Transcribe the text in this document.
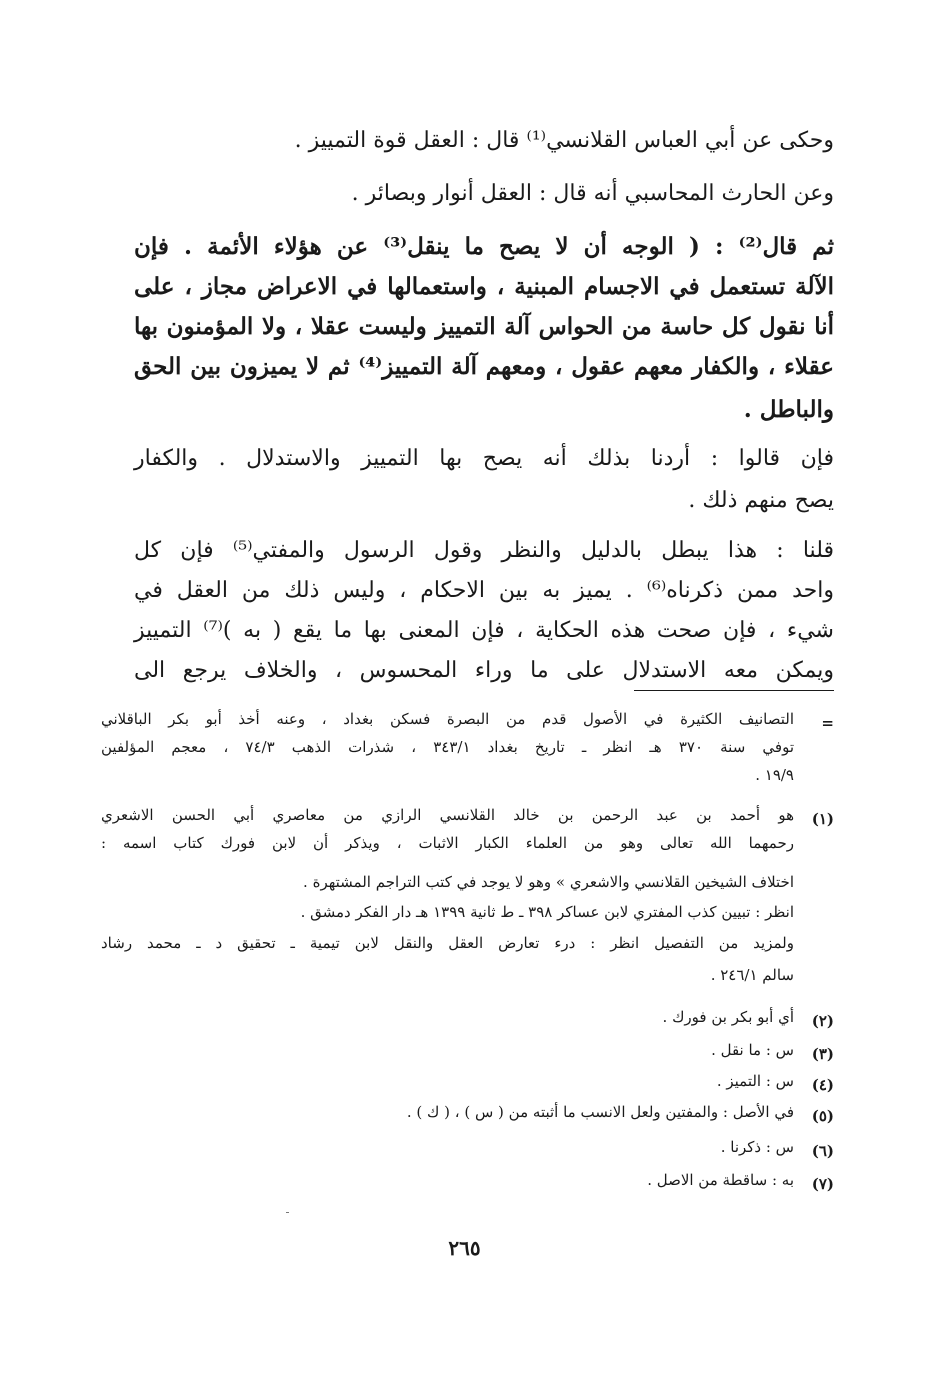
وحكى عن أبي العباس القلانسي⁽¹⁾ قال : العقل قوة التمييز .
وعن الحارث المحاسبي أنه قال : العقل أنوار وبصائر .
ثم قال⁽²⁾ : ( الوجه أن لا يصح ما ينقل⁽³⁾ عن هؤلاء الأئمة . فإن
الآلة تستعمل في الاجسام المبنية ، واستعمالها في الاعراض مجاز ، على
أنا نقول كل حاسة من الحواس آلة التمييز وليست عقلا ، ولا المؤمنون بها
عقلاء ، والكفار معهم عقول ، ومعهم آلة التمييز⁽⁴⁾ ثم لا يميزون بين الحق
والباطل .
فإن قالوا : أردنا بذلك أنه يصح بها التمييز والاستدلال . والكفار
يصح منهم ذلك .
قلنا : هذا يبطل بالدليل والنظر وقول الرسول والمفتي⁽⁵⁾ فإن كل
واحد ممن ذكرناه⁽⁶⁾ . يميز به بين الاحكام ، وليس ذلك من العقل في
شيء ، فإن صحت هذه الحكاية ، فإن المعنى بها ما يقع ( به )⁽⁷⁾ التمييز
ويمكن معه الاستدلال على ما وراء المحسوس ، والخلاف يرجع الى
=
التصانيف الكثيرة في الأصول قدم من البصرة فسكن بغداد ، وعنه أخذ أبو بكر الباقلاني
توفي سنة ٣٧٠ هـ انظر ـ تاريخ بغداد ٣٤٣/١ ، شذرات الذهب ٧٤/٣ ، معجم المؤلفين
١٩/٩ .
(١)
هو أحمد بن عبد الرحمن بن خالد القلانسي الرازي من معاصري أبي الحسن الاشعري
رحمهما الله تعالى وهو من العلماء الكبار الاثبات ، ويذكر أن لابن فورك كتاب اسمه :
اختلاف الشيخين القلانسي والاشعري » وهو لا يوجد في كتب التراجم المشتهرة .
انظر : تبيين كذب المفتري لابن عساكر ٣٩٨ ـ ط ثانية ١٣٩٩ هـ دار الفكر دمشق .
ولمزيد من التفصيل انظر : درء تعارض العقل والنقل لابن تيمية ـ تحقيق د ـ محمد رشاد
سالم ٢٤٦/١ .
(٢)
أي أبو بكر بن فورك .
(٣)
س : ما نقل .
(٤)
س : التميز .
(٥)
في الأصل : والمفتين ولعل الانسب ما أثبته من ( س ) ، ( ك ) .
(٦)
س : ذكرنا .
(٧)
به : ساقطة من الاصل .
٢٦٥
